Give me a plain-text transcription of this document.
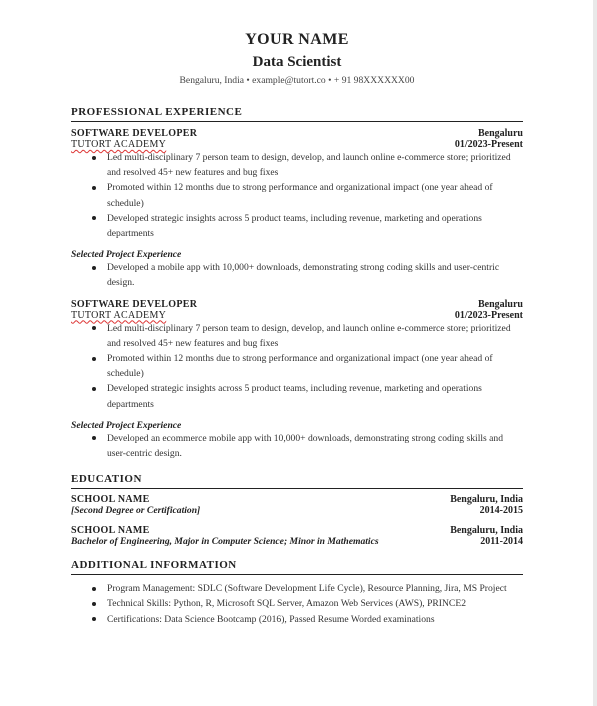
YOUR NAME
Data Scientist
Bengaluru, India • example@tutort.co • + 91 98XXXXXX00
PROFESSIONAL EXPERIENCE
SOFTWARE DEVELOPER	Bengaluru
TUTORT ACADEMY	01/2023-Present
Led multi-disciplinary 7 person team to design, develop, and launch online e-commerce store; prioritized and resolved 45+ new features and bug fixes
Promoted within 12 months due to strong performance and organizational impact (one year ahead of schedule)
Developed strategic insights across 5 product teams, including revenue, marketing and operations departments
Selected Project Experience
Developed a mobile app with 10,000+ downloads, demonstrating strong coding skills and user-centric design.
SOFTWARE DEVELOPER	Bengaluru
TUTORT ACADEMY	01/2023-Present
Led multi-disciplinary 7 person team to design, develop, and launch online e-commerce store; prioritized and resolved 45+ new features and bug fixes
Promoted within 12 months due to strong performance and organizational impact (one year ahead of schedule)
Developed strategic insights across 5 product teams, including revenue, marketing and operations departments
Selected Project Experience
Developed an ecommerce mobile app with 10,000+ downloads, demonstrating strong coding skills and user-centric design.
EDUCATION
SCHOOL NAME	Bengaluru, India
[Second Degree or Certification]	2014-2015
SCHOOL NAME	Bengaluru, India
Bachelor of Engineering, Major in Computer Science; Minor in Mathematics	2011-2014
ADDITIONAL INFORMATION
Program Management: SDLC (Software Development Life Cycle), Resource Planning, Jira, MS Project
Technical Skills: Python, R, Microsoft SQL Server, Amazon Web Services (AWS), PRINCE2
Certifications: Data Science Bootcamp (2016), Passed Resume Worded examinations
